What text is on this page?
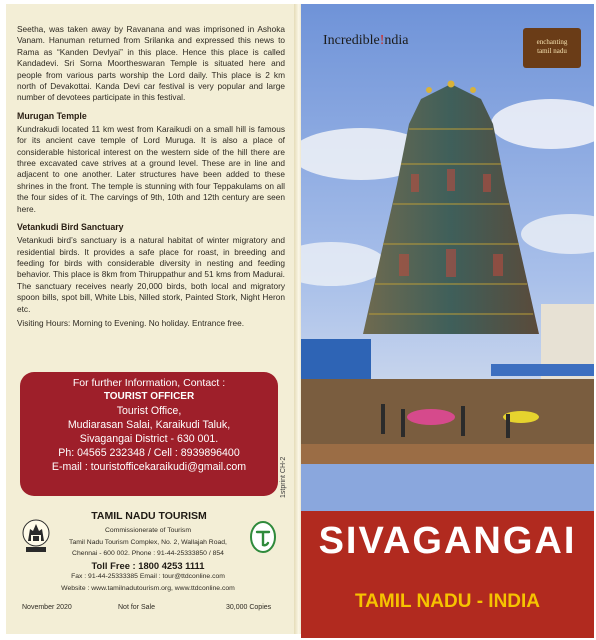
Seetha, was taken away by Ravanana and was imprisoned in Ashoka Vanam. Hanuman returned from Srilanka and expressed this news to Rama as “Kanden Devlyai” in this place. Hence this place is called Kandadevi. Sri Sorna Moortheswaran Temple is situated here and people from various parts worship the Lord daily. This place is 2 km north of Devakottai. Kanda Devi car festival is very popular and large number of devotees participate in this festival.

Murugan Temple

Kundrakudi located 11 km west from Karaikudi on a small hill is famous for its ancient cave temple of Lord Muruga. It is also a place of considerable historical interest on the western side of the hill there are three excavated cave strives at a ground level. These are in line and adjacent to one another. Later structures have been added to these shrines in the front. The temple is stunning with four Teppakulams on all the four sides of it. The carvings of 9th, 10th and 12th century are seen here.

Vetankudi Bird Sanctuary

Vetankudi bird’s sanctuary is a natural habitat of winter migratory and residential birds. It provides a safe place for roast, in breeding and feeding for birds with considerable diversity in nesting and feeding behavior. This place is 8km from Thiruppathur and 51 kms from Madurai. The sanctuary receives nearly 20,000 birds, both local and migratory spoon bills, spot bill, White Lbis, Nilled stork, Painted Stork, Night Heron etc.

Visiting Hours: Morning to Evening. No holiday. Entrance free.

For further Information, Contact :
TOURIST OFFICER
Tourist Office,
Mudiarasan Salai, Karaikudi Taluk,
Sivagangai District - 630 001.
Ph: 04565 232348 / Cell : 8939896400
E-mail : touristofficekaraikudi@gmail.com
TAMIL NADU TOURISM
Commissionerate of Tourism
Tamil Nadu Tourism Complex, No. 2, Wallajah Road,
Chennai - 600 002. Phone : 91-44-25333850 / 854
Toll Free : 1800 4253 1111
Fax : 91-44-25333385 Email : tour@ttdconline.com
Website : www.tamilnadutourism.org, www.ttdconline.com
November 2020	Not for Sale	30,000 Copies
1stprint CH-2
Incredible!ndia	enchanting
tamil nadu
SIVAGANGAI
TAMIL NADU - INDIA
